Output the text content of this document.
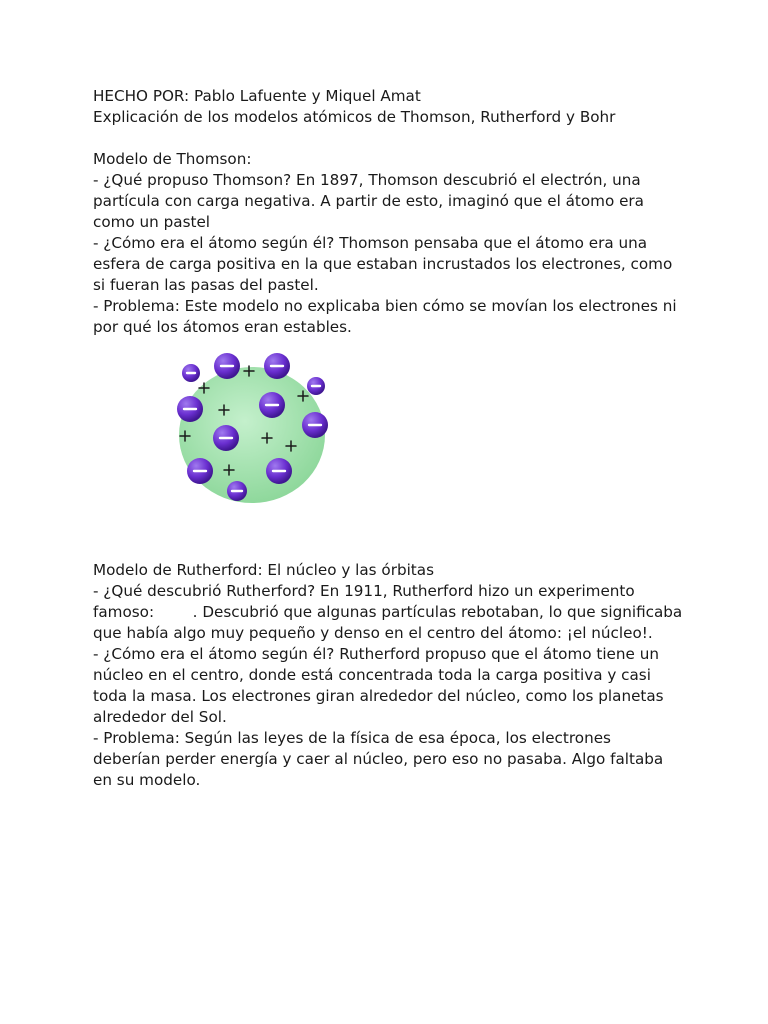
HECHO POR: Pablo Lafuente y Miquel Amat

Explicación de los modelos atómicos de Thomson, Rutherford y Bohr

Modelo de Thomson:

- ¿Qué propuso Thomson? En 1897, Thomson descubrió el electrón, una partícula con carga negativa. A partir de esto, imaginó que el átomo era como un pastel

- ¿Cómo era el átomo según él? Thomson pensaba que el átomo era una esfera de carga positiva en la que estaban incrustados los electrones, como si fueran las pasas del pastel.

- Problema: Este modelo no explicaba bien cómo se movían los electrones ni por qué los átomos eran estables.

Modelo de Rutherford: El núcleo y las órbitas

- ¿Qué descubrió Rutherford? En 1911, Rutherford hizo un experimento famoso:        . Descubrió que algunas partículas rebotaban, lo que significaba que había algo muy pequeño y denso en el centro del átomo: ¡el núcleo!.

- ¿Cómo era el átomo según él? Rutherford propuso que el átomo tiene un núcleo en el centro, donde está concentrada toda la carga positiva y casi toda la masa. Los electrones giran alrededor del núcleo, como los planetas alrededor del Sol.

- Problema: Según las leyes de la física de esa época, los electrones deberían perder energía y caer al núcleo, pero eso no pasaba. Algo faltaba en su modelo.
